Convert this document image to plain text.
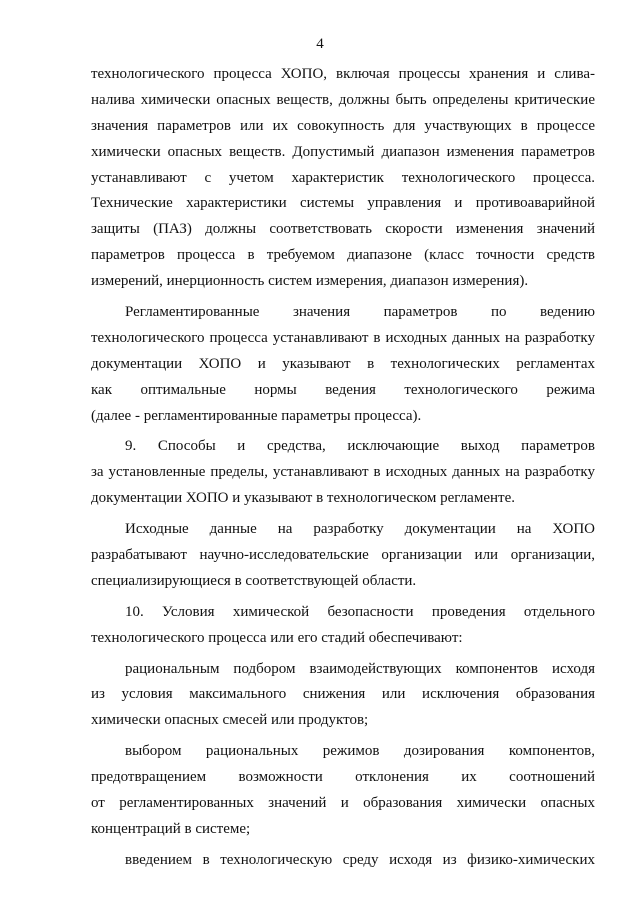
4
технологического процесса ХОПО, включая процессы хранения и слива-
налива химически опасных веществ, должны быть определены критические
значения параметров или их совокупность для участвующих в процессе
химически опасных веществ. Допустимый диапазон изменения параметров
устанавливают с учетом характеристик технологического процесса.
Технические характеристики системы управления и противоаварийной
защиты (ПАЗ) должны соответствовать скорости изменения значений
параметров процесса в требуемом диапазоне (класс точности средств
измерений, инерционность систем измерения, диапазон измерения).
Регламентированные значения параметров по ведению
технологического процесса устанавливают в исходных данных на разработку
документации ХОПО и указывают в технологических регламентах
как оптимальные нормы ведения технологического режима
(далее - регламентированные параметры процесса).
9. Способы и средства, исключающие выход параметров
за установленные пределы, устанавливают в исходных данных на разработку
документации ХОПО и указывают в технологическом регламенте.
Исходные данные на разработку документации на ХОПО
разрабатывают научно-исследовательские организации или организации,
специализирующиеся в соответствующей области.
10. Условия химической безопасности проведения отдельного
технологического процесса или его стадий обеспечивают:
рациональным подбором взаимодействующих компонентов исходя
из условия максимального снижения или исключения образования
химически опасных смесей или продуктов;
выбором рациональных режимов дозирования компонентов,
предотвращением возможности отклонения их соотношений
от регламентированных значений и образования химически опасных
концентраций в системе;
введением в технологическую среду исходя из физико-химических
